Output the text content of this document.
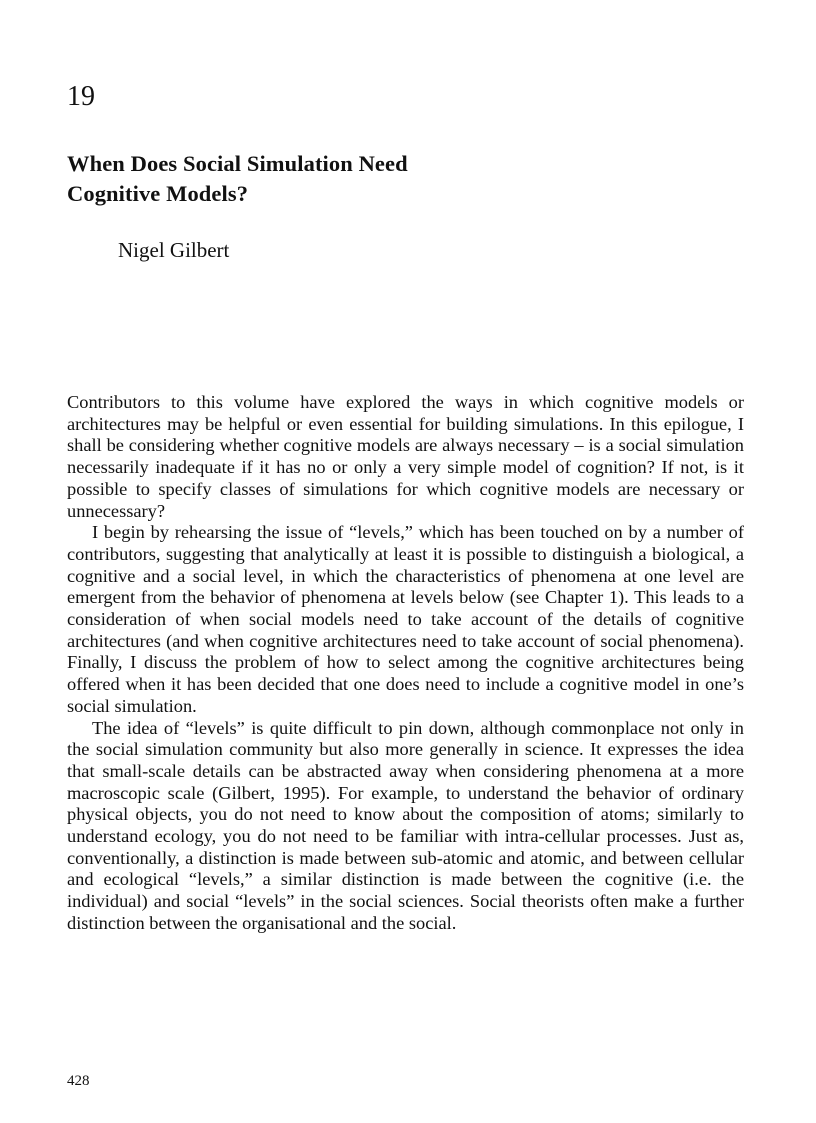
19
When Does Social Simulation Need
Cognitive Models?

Nigel Gilbert

Contributors to this volume have explored the ways in which cognitive models or architectures may be helpful or even essential for building simulations. In this epilogue, I shall be considering whether cognitive models are always necessary – is a social simulation necessarily inadequate if it has no or only a very simple model of cognition? If not, is it possible to specify classes of simulations for which cognitive models are necessary or unnecessary?

I begin by rehearsing the issue of “levels,” which has been touched on by a number of contributors, suggesting that analytically at least it is possible to distinguish a biological, a cognitive and a social level, in which the characteristics of phenomena at one level are emergent from the behavior of phenomena at levels below (see Chapter 1). This leads to a consideration of when social models need to take account of the details of cognitive architectures (and when cognitive architectures need to take account of social phenomena). Finally, I discuss the problem of how to select among the cognitive architectures being offered when it has been decided that one does need to include a cognitive model in one’s social simulation.

The idea of “levels” is quite difficult to pin down, although commonplace not only in the social simulation community but also more generally in science. It expresses the idea that small-scale details can be abstracted away when considering phenomena at a more macroscopic scale (Gilbert, 1995). For example, to understand the behavior of ordinary physical objects, you do not need to know about the composition of atoms; similarly to understand ecology, you do not need to be familiar with intra-cellular processes. Just as, conventionally, a distinction is made between sub-atomic and atomic, and between cellular and ecological “levels,” a similar distinction is made between the cognitive (i.e. the individual) and social “levels” in the social sciences. Social theorists often make a further distinction between the organisational and the social.

428
